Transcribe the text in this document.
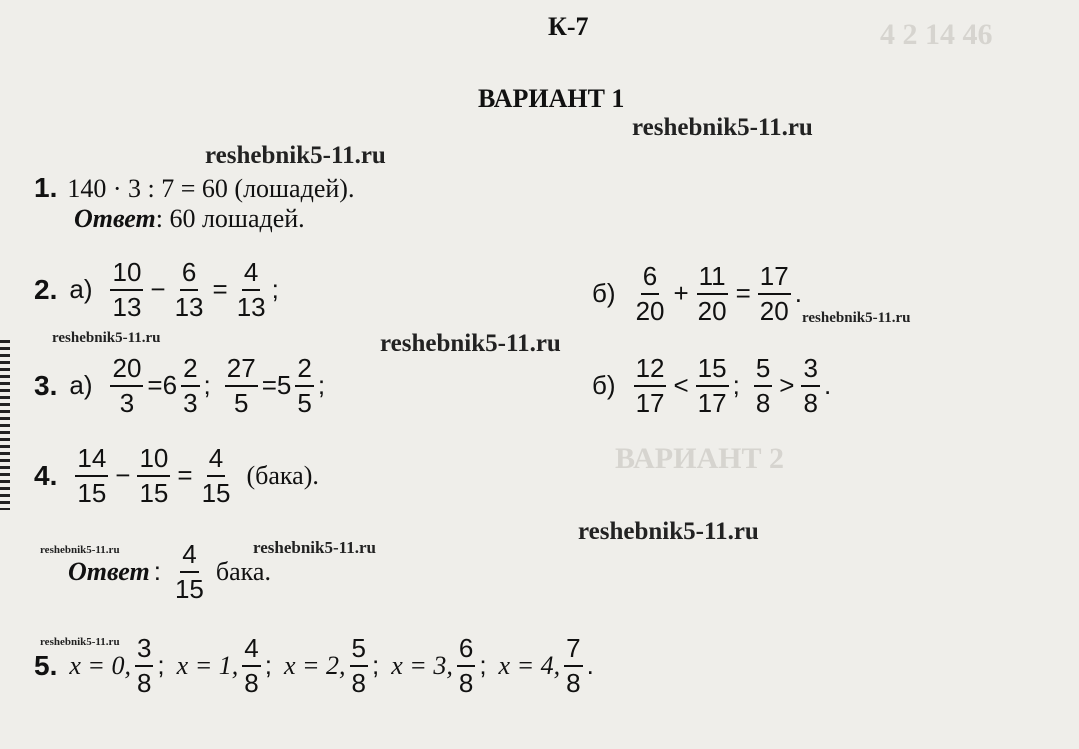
4 2 14 46
ВАРИАНТ 2
К-7
ВАРИАНТ 1
reshebnik5-11.ru
reshebnik5-11.ru
reshebnik5-11.ru
reshebnik5-11.ru	reshebnik5-11.ru
reshebnik5-11.ru
reshebnik5-11.ru	reshebnik5-11.ru
reshebnik5-11.ru
1. 140 · 3 : 7 = 60 (лошадей).
Ответ : 60 лошадей.
2. $а) \frac{10}{13} - \frac{6}{13} = \frac{4}{13}$ ;	$б) \frac{6}{20} + \frac{11}{20} = \frac{17}{20}$ .
3. $а) \frac{20}{3} =6 \frac{2}{3}$ ; $\frac{27}{5} =5 \frac{2}{5}$ ;	$б) \frac{12}{17} < \frac{15}{17}$ ; $\frac{5}{8} > \frac{3}{8}$ .
4. $\frac{14}{15} - \frac{10}{15} = \frac{4}{15}$ (бака).
Ответ : $\frac{4}{15}$ бака.
5. x = 0, $\frac{3}{8}$ ; x = 1, $\frac{4}{8}$ ; x = 2, $\frac{5}{8}$ ; x = 3, $\frac{6}{8}$ ; x = 4, $\frac{7}{8}$ .
